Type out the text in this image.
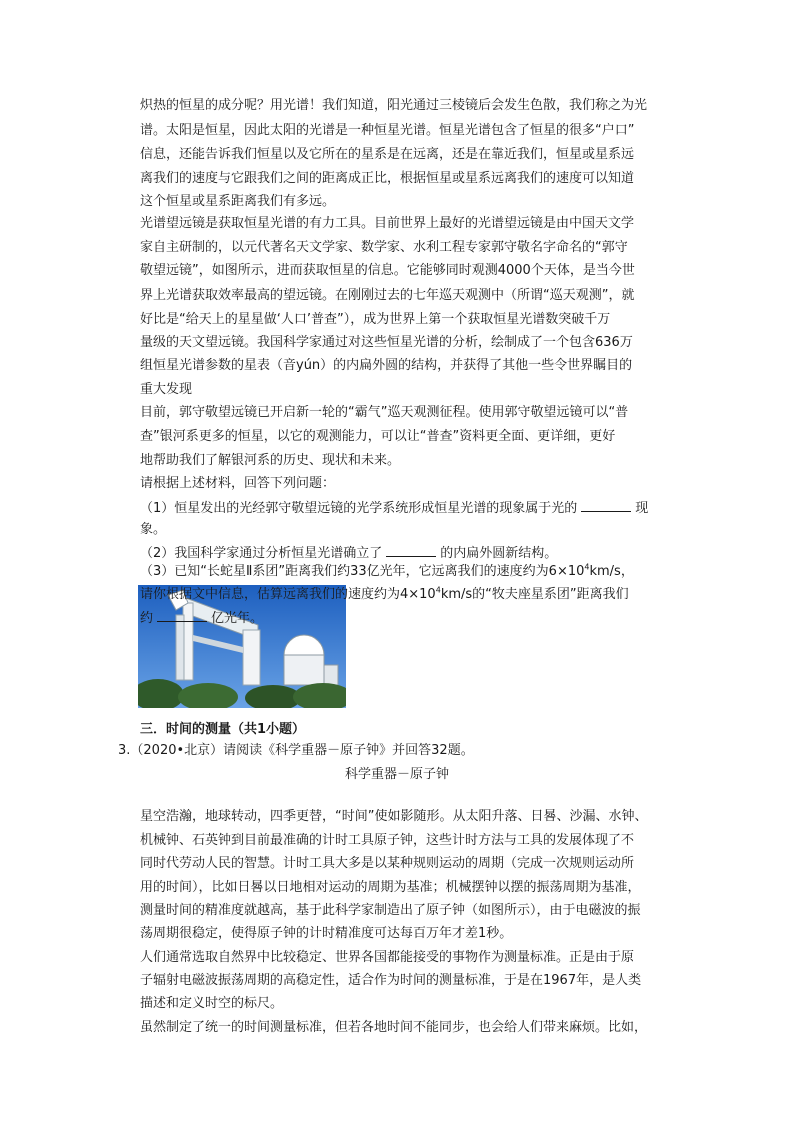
炽热的恒星的成分呢？用光谱！我们知道，阳光通过三棱镜后会发生色散，我们称之为光
谱。太阳是恒星，因此太阳的光谱是一种恒星光谱。恒星光谱包含了恒星的很多“户口”
信息，还能告诉我们恒星以及它所在的星系是在远离，还是在靠近我们，恒星或星系远
离我们的速度与它跟我们之间的距离成正比，根据恒星或星系远离我们的速度可以知道
这个恒星或星系距离我们有多远。
光谱望远镜是获取恒星光谱的有力工具。目前世界上最好的光谱望远镜是由中国天文学
家自主研制的，以元代著名天文学家、数学家、水利工程专家郭守敬名字命名的“郭守
敬望远镜”，如图所示，进而获取恒星的信息。它能够同时观测4000个天体，是当今世
界上光谱获取效率最高的望远镜。在刚刚过去的七年巡天观测中（所谓“巡天观测”，就
好比是“给天上的星星做‘人口’普查”），成为世界上第一个获取恒星光谱数突破千万
量级的天文望远镜。我国科学家通过对这些恒星光谱的分析，绘制成了一个包含636万
组恒星光谱参数的星表（音yún）的内扁外圆的结构，并获得了其他一些令世界瞩目的
重大发现
目前，郭守敬望远镜已开启新一轮的“霸气”巡天观测征程。使用郭守敬望远镜可以“普
查”银河系更多的恒星，以它的观测能力，可以让“普查”资料更全面、更详细，更好
地帮助我们了解银河系的历史、现状和未来。
请根据上述材料，回答下列问题：
（1）恒星发出的光经郭守敬望远镜的光学系统形成恒星光谱的现象属于光的	现
象。
（2）我国科学家通过分析恒星光谱确立了	的内扁外圆新结构。
（3）已知“长蛇星Ⅱ系团”距离我们约33亿光年，它远离我们的速度约为$6\times 10^4km/s$，
三．时间的测量（共1小题）
3.（2020•北京）请阅读《科学重器－原子钟》并回答32题。
科学重器－原子钟
星空浩瀚，地球转动，四季更替，“时间”使如影随形。从太阳升落、日晷、沙漏、水钟、
机械钟、石英钟到目前最准确的计时工具原子钟，这些计时方法与工具的发展体现了不
同时代劳动人民的智慧。计时工具大多是以某种规则运动的周期（完成一次规则运动所
用的时间），比如日晷以日地相对运动的周期为基准；机械摆钟以摆的振荡周期为基准，
测量时间的精准度就越高，基于此科学家制造出了原子钟（如图所示），由于电磁波的振
荡周期很稳定，使得原子钟的计时精准度可达每百万年才差1秒。
人们通常选取自然界中比较稳定、世界各国都能接受的事物作为测量标准。正是由于原
子辐射电磁波振荡周期的高稳定性，适合作为时间的测量标准，于是在1967年，是人类
描述和定义时空的标尺。
虽然制定了统一的时间测量标准，但若各地时间不能同步，也会给人们带来麻烦。比如，
请你根据文中信息，估算远离我们的速度约为$4\times 10^4km/s$的“牧夫座星系团”距离我们
约	亿光年。
